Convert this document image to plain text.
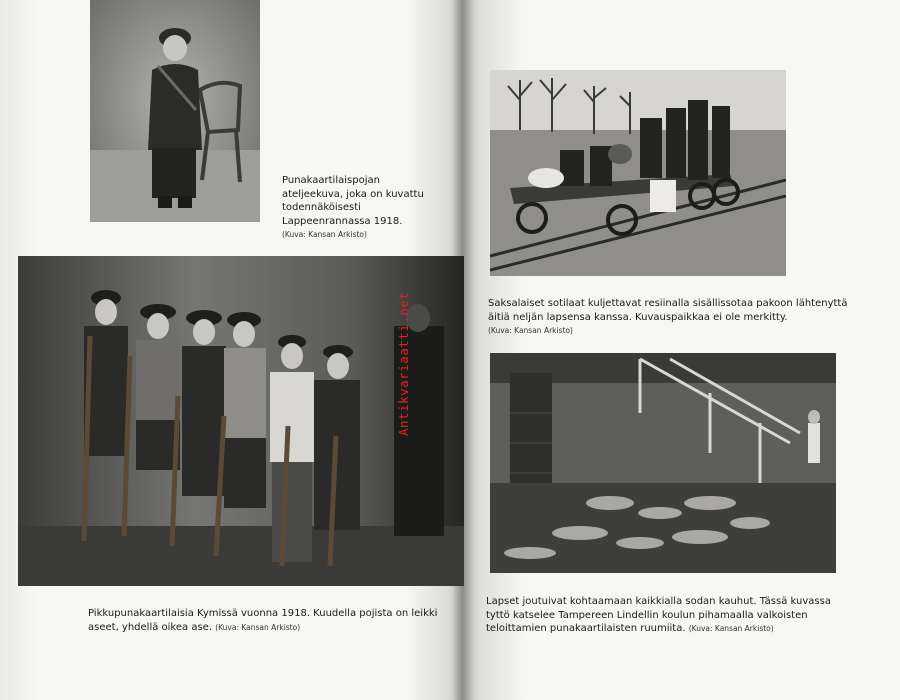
Punakaartilaispojan ateljeekuva, joka on kuvattu todennäköisesti Lappeenrannassa 1918.
(Kuva: Kansan Arkisto)
Antikvariaatti.net
Pikkupunakaartilaisia Kymissä vuonna 1918. Kuudella pojista on leikki aseet, yhdellä oikea ase. (Kuva: Kansan Arkisto)
Saksalaiset sotilaat kuljettavat resiinalla sisällissotaa pakoon lähtenyttä äitiä neljän lapsensa kanssa. Kuvauspaikkaa ei ole merkitty.
(Kuva: Kansan Arkisto)
Lapset joutuivat kohtaamaan kaikkialla sodan kauhut. Tässä kuvassa tyttö katselee Tampereen Lindellin koulun pihamaalla valkoisten teloittamien punakaartilaisten ruumiita. (Kuva: Kansan Arkisto)
